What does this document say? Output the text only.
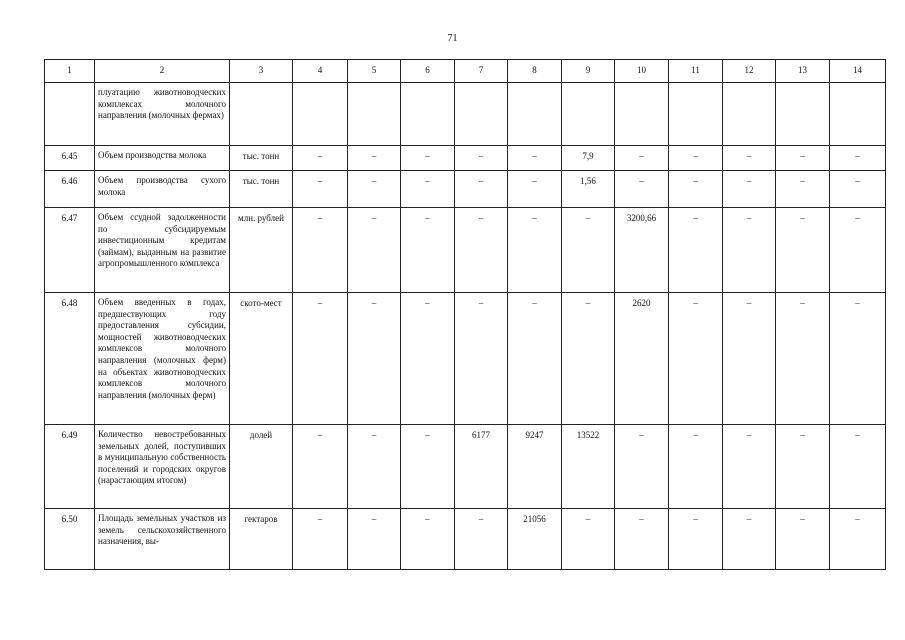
71
1	2	3	4	5	6	7	8	9	10	11	12	13	14
	плуатацию животноводческих комплексах молочного направления (молочных фермах)												
6.45	Объем производства молока	тыс. тонн	–	–	–	–	–	7,9	–	–	–	–	–
6.46	Объем производства сухого молока	тыс. тонн	–	–	–	–	–	1,56	–	–	–	–	–
6.47	Объем ссудной задолженности по субсидируемым инвестиционным кредитам (займам), выданным на развитие агропромышленного комплекса	млн. рублей	–	–	–	–	–	–	3200,66	–	–	–	–
6.48	Объем введенных в годах, предшествующих году предоставления субсидии, мощностей животноводческих комплексов молочного направления (молочных ферм) на объектах животноводческих комплексов молочного направления (молочных ферм)	ското-мест	–	–	–	–	–	–	2620	–	–	–	–
6.49	Количество невостребованных земельных долей, поступивших в муниципальную собственность поселений и городских округов (нарастающим итогом)	долей	–	–	–	6177	9247	13522	–	–	–	–	–
6.50	Площадь земельных участков из земель сельскохозяйственного назначения, вы-	гектаров	–	–	–	–	21056	–	–	–	–	–	–
